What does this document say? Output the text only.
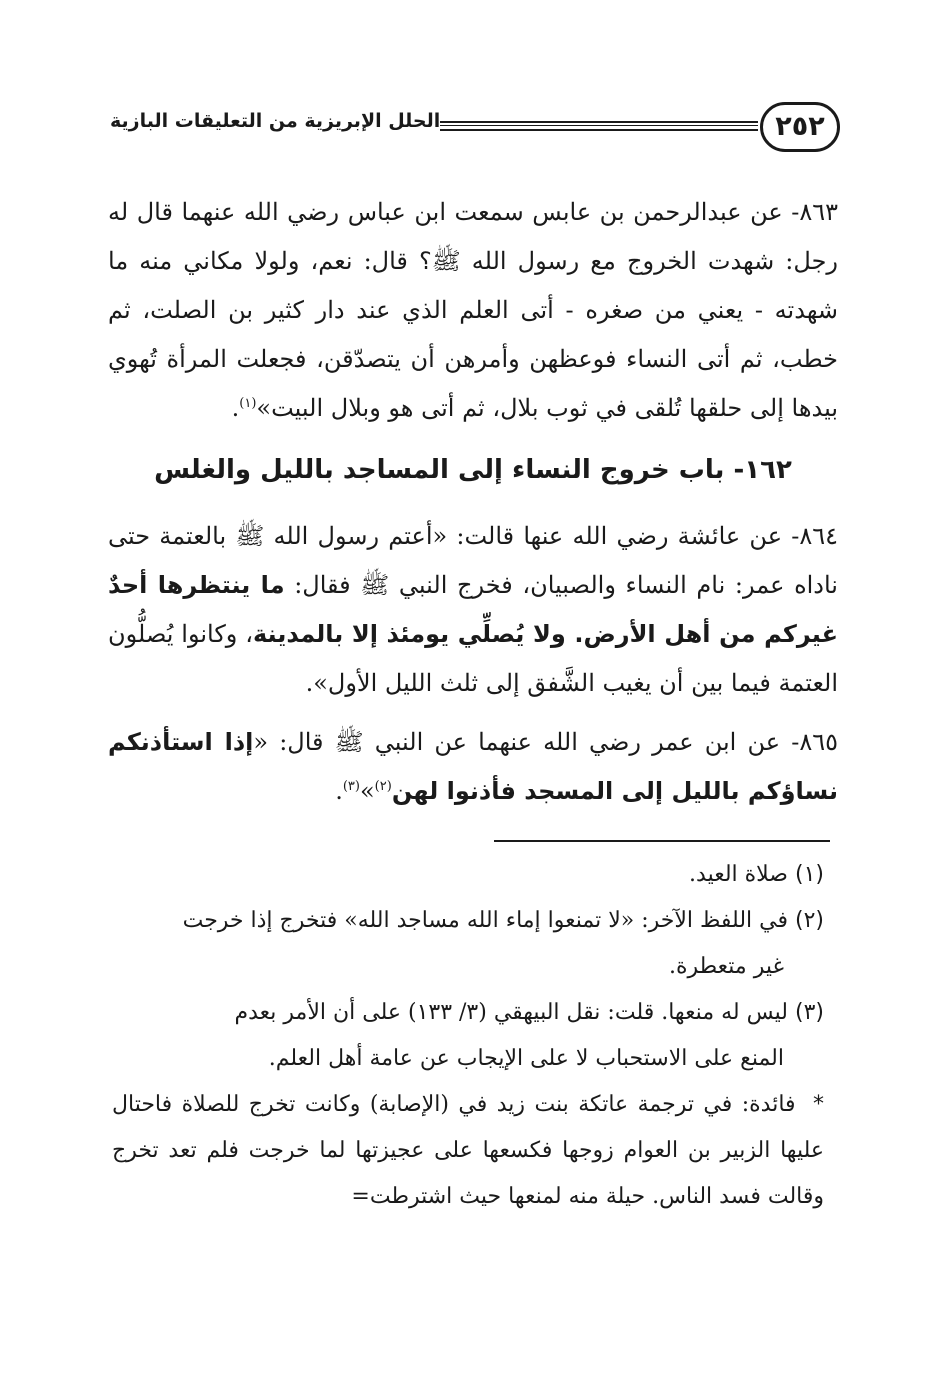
٢٥٢
الحلل الإبريزية من التعليقات البازية

٨٦٣- عن عبدالرحمن بن عابس سمعت ابن عباس رضي الله عنهما قال له رجل: شهدت الخروج مع رسول الله ﷺ؟ قال: نعم، ولولا مكاني منه ما شهدته - يعني من صغره - أتى العلم الذي عند دار كثير بن الصلت، ثم خطب، ثم أتى النساء فوعظهن وأمرهن أن يتصدّقن، فجعلت المرأة تُهوي بيدها إلى حلقها تُلقى في ثوب بلال، ثم أتى هو وبلال البيت»$^{(١)}$.

١٦٢- باب خروج النساء إلى المساجد بالليل والغلس

٨٦٤- عن عائشة رضي الله عنها قالت: «أعتم رسول الله ﷺ بالعتمة حتى ناداه عمر: نام النساء والصبيان، فخرج النبي ﷺ فقال: ما ينتظرها أحدٌ غيركم من أهل الأرض. ولا يُصلِّي يومئذ إلا بالمدينة، وكانوا يُصلُّون العتمة فيما بين أن يغيب الشَّفق إلى ثلث الليل الأول».

٨٦٥- عن ابن عمر رضي الله عنهما عن النبي ﷺ قال: «إذا استأذنكم نساؤكم بالليل إلى المسجد فأذنوا لهن$^{(٢)}$»$^{(٣)}$.

(١) صلاة العيد.

(٢) في اللفظ الآخر: «لا تمنعوا إماء الله مساجد الله» فتخرج إذا خرجت
غير متعطرة.

(٣) ليس له منعها. قلت: نقل البيهقي (٣/ ١٣٣) على أن الأمر بعدم
المنع على الاستحباب لا على الإيجاب عن عامة أهل العلم.

* فائدة: في ترجمة عاتكة بنت زيد في (الإصابة) وكانت تخرج للصلاة فاحتال عليها الزبير بن العوام زوجها فكسعها على عجيزتها لما خرجت فلم تعد تخرج وقالت فسد الناس. حيلة منه لمنعها حيث اشترطت=
